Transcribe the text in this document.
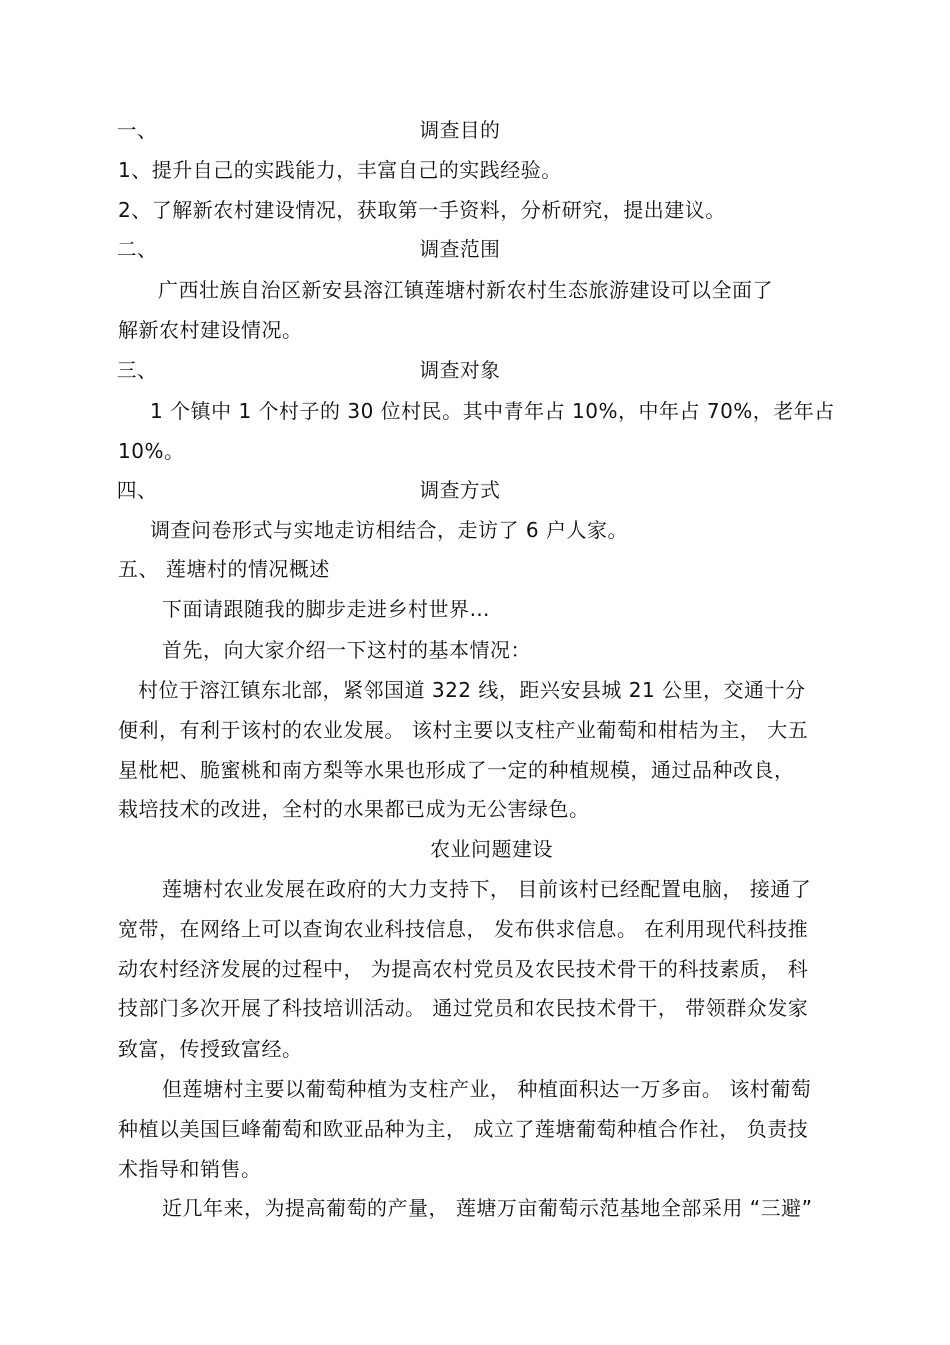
一、	调查目的
1、提升自己的实践能力，丰富自己的实践经验。
2、了解新农村建设情况，获取第一手资料，分析研究，提出建议。
二、	调查范围
广西壮族自治区新安县溶江镇莲塘村新农村生态旅游建设可以全面了
解新农村建设情况。
三、	调查对象
1 个镇中 1 个村子的 30 位村民。其中青年占 10%，中年占 70%，老年占
10%。
四、	调查方式
调查问卷形式与实地走访相结合，走访了 6 户人家。
五、 莲塘村的情况概述
下面请跟随我的脚步走进乡村世界…
首先，向大家介绍一下这村的基本情况：
村位于溶江镇东北部，紧邻国道 322 线，距兴安县城 21 公里，交通十分
便利，有利于该村的农业发展。 该村主要以支柱产业葡萄和柑桔为主， 大五
星枇杷、脆蜜桃和南方梨等水果也形成了一定的种植规模，通过品种改良，
栽培技术的改进，全村的水果都已成为无公害绿色。
农业问题建设
莲塘村农业发展在政府的大力支持下， 目前该村已经配置电脑， 接通了
宽带，在网络上可以查询农业科技信息， 发布供求信息。 在利用现代科技推
动农村经济发展的过程中， 为提高农村党员及农民技术骨干的科技素质， 科
技部门多次开展了科技培训活动。 通过党员和农民技术骨干， 带领群众发家
致富，传授致富经。
但莲塘村主要以葡萄种植为支柱产业， 种植面积达一万多亩。 该村葡萄
种植以美国巨峰葡萄和欧亚品种为主， 成立了莲塘葡萄种植合作社， 负责技
术指导和销售。
近几年来，为提高葡萄的产量， 莲塘万亩葡萄示范基地全部采用 “三避”
